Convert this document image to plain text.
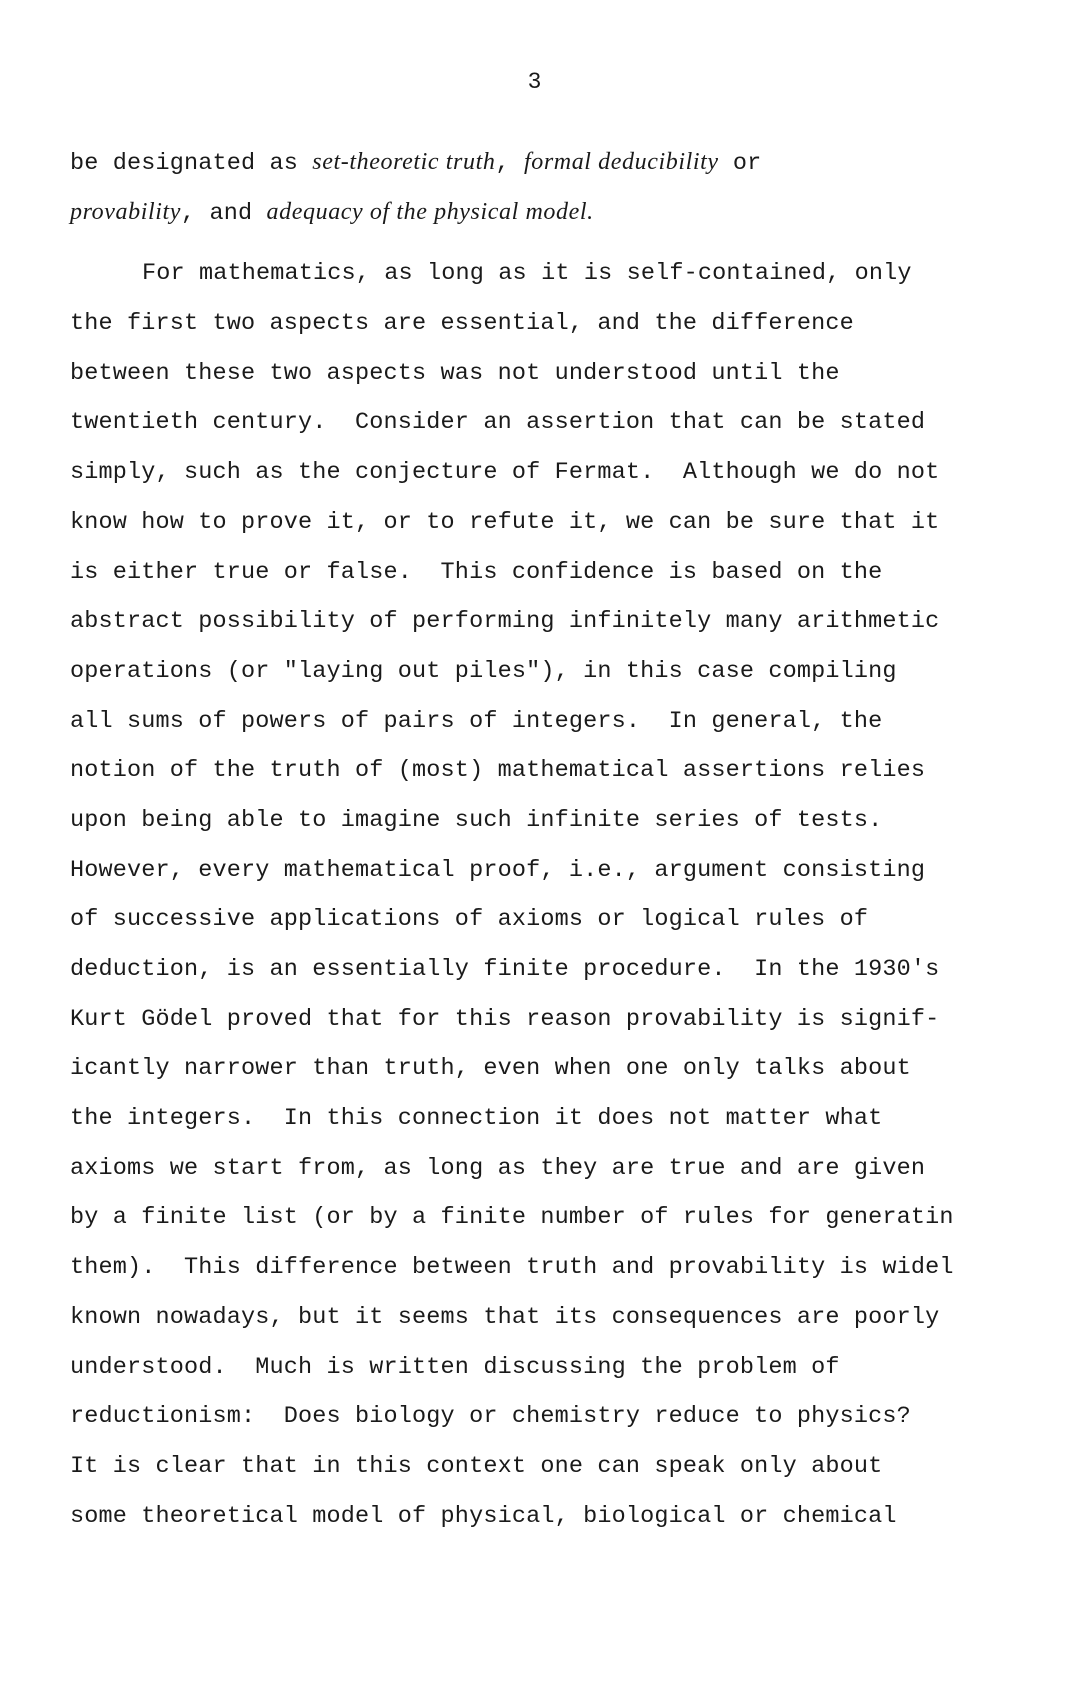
3
be designated as set-theoretic truth, formal deducibility or
provability, and adequacy of the physical model.
For mathematics, as long as it is self-contained, only
the first two aspects are essential, and the difference
between these two aspects was not understood until the
twentieth century.  Consider an assertion that can be stated
simply, such as the conjecture of Fermat.  Although we do not
know how to prove it, or to refute it, we can be sure that it
is either true or false.  This confidence is based on the
abstract possibility of performing infinitely many arithmetic
operations (or "laying out piles"), in this case compiling
all sums of powers of pairs of integers.  In general, the
notion of the truth of (most) mathematical assertions relies
upon being able to imagine such infinite series of tests.
However, every mathematical proof, i.e., argument consisting
of successive applications of axioms or logical rules of
deduction, is an essentially finite procedure.  In the 1930's
Kurt Gödel proved that for this reason provability is signif-
icantly narrower than truth, even when one only talks about
the integers.  In this connection it does not matter what
axioms we start from, as long as they are true and are given
by a finite list (or by a finite number of rules for generatin
them).  This difference between truth and provability is widel
known nowadays, but it seems that its consequences are poorly
understood.  Much is written discussing the problem of
reductionism:  Does biology or chemistry reduce to physics?
It is clear that in this context one can speak only about
some theoretical model of physical, biological or chemical
